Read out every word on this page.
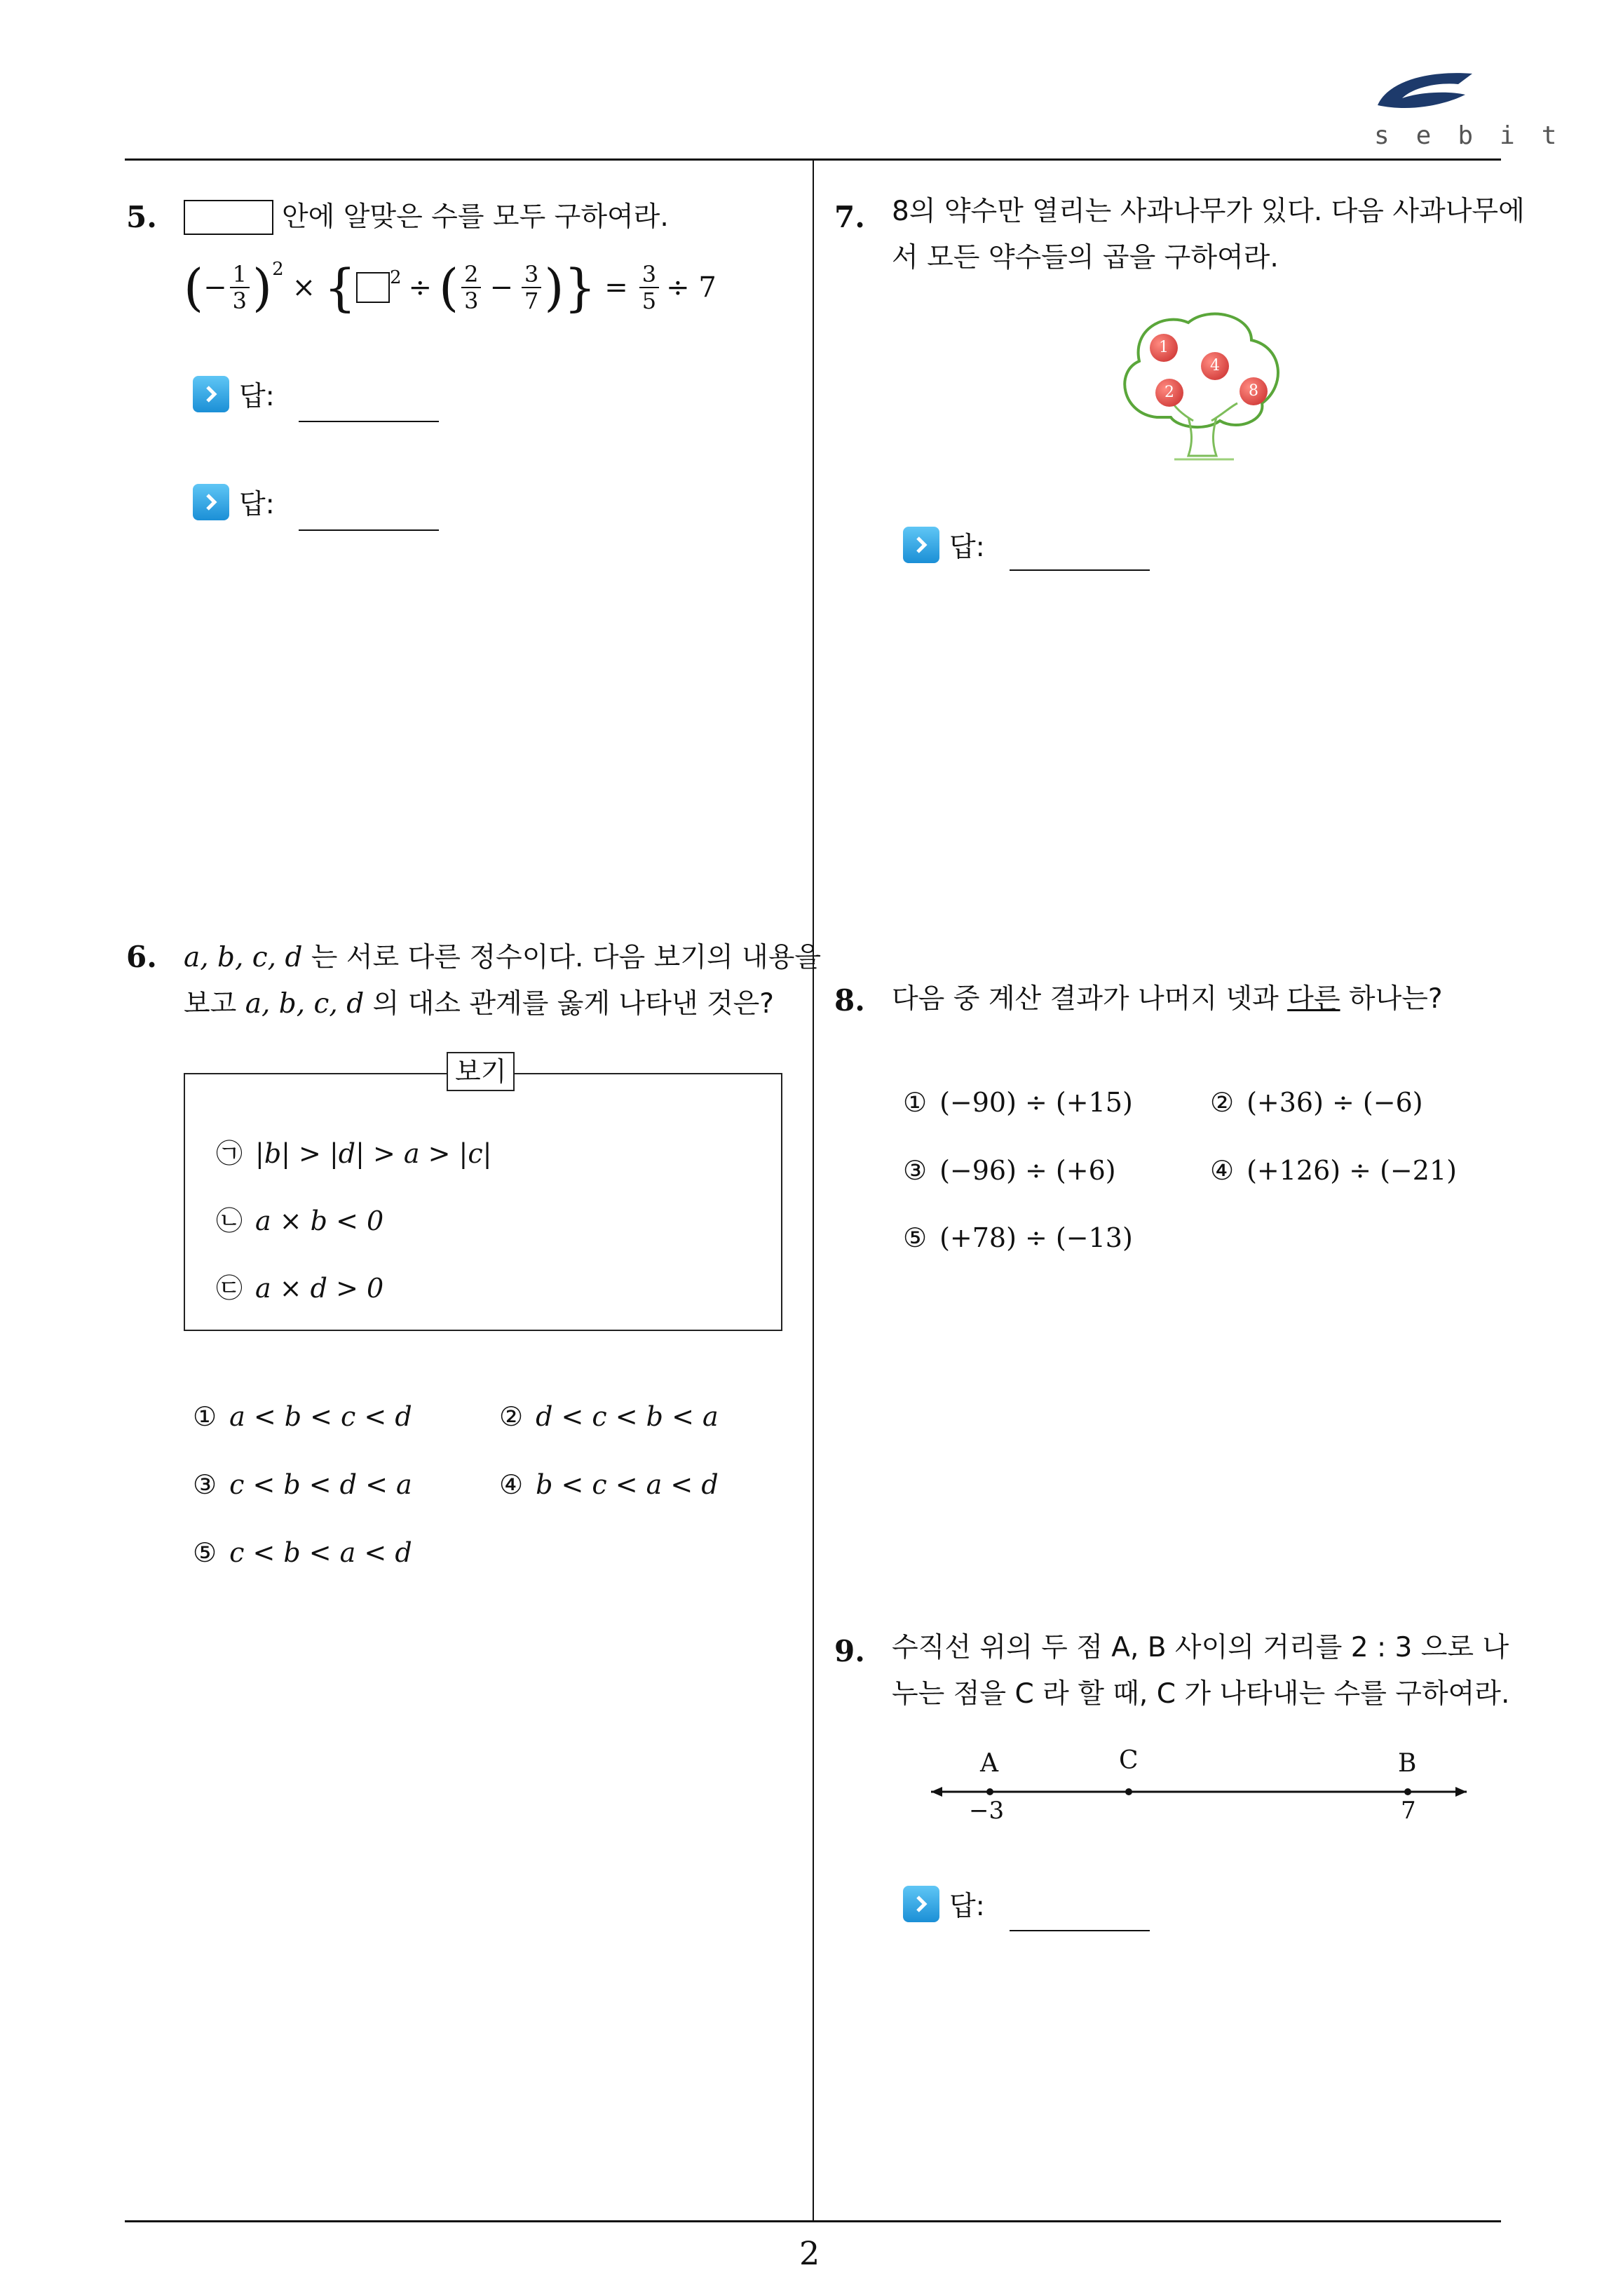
sebit
2
5.	안에 알맞은 수를 모두 구하여라.
( − $\frac{1}{3} )^2$
× { $^2$ ÷ ( $\frac{2}{3} - \frac{3}{7}$ ) } = $\frac{3}{5} \div 7$
답:
답:
6. a, b, c, d 는 서로 다른 정수이다. 다음 보기의 내용을
보고 a, b, c, d 의 대소 관계를 옳게 나타낸 것은?
보기
㉠ |b| > |d| > a > |c|
㉡ a × b < 0
㉢ a × d > 0
① a < b < c < d	② d < c < b < a
③ c < b < d < a	④ b < c < a < d
⑤ c < b < a < d
7. 8의 약수만 열리는 사과나무가 있다. 다음 사과나무에
서 모든 약수들의 곱을 구하여라.
1
4
2	8
답:
8. 다음 중 계산 결과가 나머지 넷과 다른 하나는?
① (−90) ÷ (+15)	② (+36) ÷ (−6)
③ (−96) ÷ (+6)	④ (+126) ÷ (−21)
⑤ (+78) ÷ (−13)
9. 수직선 위의 두 점 A, B 사이의 거리를 2 : 3 으로 나
누는 점을 C 라 할 때, C 가 나타내는 수를 구하여라.
A	C	B
−3	7
답:
